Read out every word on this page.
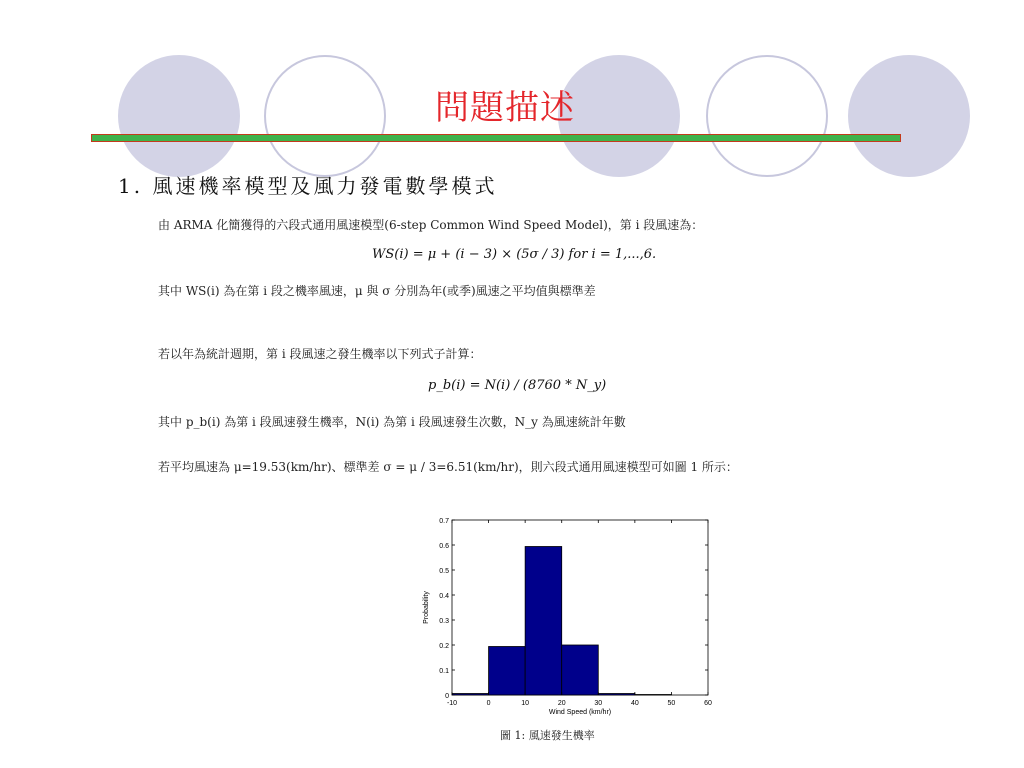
問題描述
1. 風速機率模型及風力發電數學模式
由 ARMA 化簡獲得的六段式通用風速模型(6-step Common Wind Speed Model)，第 i 段風速為：
WS(i) = μ + (i − 3) × (5σ / 3) for i = 1,...,6.
其中 WS(i) 為在第 i 段之機率風速，μ 與 σ 分別為年(或季)風速之平均值與標準差
若以年為統計週期，第 i 段風速之發生機率以下列式子計算：
p_b(i) = N(i) / (8760 * N_y)
其中 p_b(i) 為第 i 段風速發生機率，N(i) 為第 i 段風速發生次數，N_y 為風速統計年數
若平均風速為 μ=19.53(km/hr)、標準差 σ = μ / 3=6.51(km/hr)，則六段式通用風速模型可如圖 1 所示：
0
0.1
0.2
0.3
0.4
0.5
0.6
0.7
-10	0	10	20	30	40	50	60
Wind Speed (km/hr)
Probability
圖 1: 風速發生機率
